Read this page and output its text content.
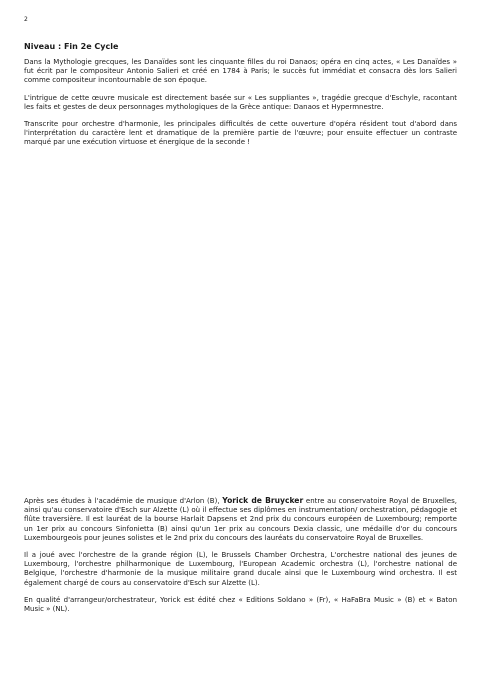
2
Niveau : Fin 2e Cycle

Dans la Mythologie grecques, les Danaïdes sont les cinquante filles du roi Danaos; opéra en cinq actes, « Les Danaïdes » fut écrit par le compositeur Antonio Salieri et créé en 1784 à Paris; le succès fut immédiat et consacra dès lors Salieri comme compositeur incontournable de son époque.

L'intrigue de cette œuvre musicale est directement basée sur « Les suppliantes », tragédie grecque d'Eschyle, racontant les faits et gestes de deux personnages mythologiques de la Grèce antique: Danaos et Hypermnestre.

Transcrite pour orchestre d'harmonie, les principales difficultés de cette ouverture d'opéra résident tout d'abord dans l'interprétation du caractère lent et dramatique de la première partie de l'œuvre; pour ensuite effectuer un contraste marqué par une exécution virtuose et énergique de la seconde !

Après ses études à l'académie de musique d'Arlon (B), Yorick de Bruycker entre au conservatoire Royal de Bruxelles, ainsi qu'au conservatoire d'Esch sur Alzette (L) où il effectue ses diplômes en instrumentation/ orchestration, pédagogie et flûte traversière. Il est lauréat de la bourse Harlait Dapsens et 2nd prix du concours européen de Luxembourg; remporte un 1er prix au concours Sinfonietta (B) ainsi qu'un 1er prix au concours Dexia classic, une médaille d'or du concours Luxembourgeois pour jeunes solistes et le 2nd prix du concours des lauréats du conservatoire Royal de Bruxelles.

Il a joué avec l'orchestre de la grande région (L), le Brussels Chamber Orchestra, L'orchestre national des jeunes de Luxembourg, l'orchestre philharmonique de Luxembourg, l'European Academic orchestra (L), l'orchestre national de Belgique, l'orchestre d'harmonie de la musique militaire grand ducale ainsi que le Luxembourg wind orchestra. Il est également chargé de cours au conservatoire d'Esch sur Alzette (L).

En qualité d'arrangeur/orchestrateur, Yorick est édité chez « Editions Soldano » (Fr), « HaFaBra Music » (B) et « Baton Music » (NL).
